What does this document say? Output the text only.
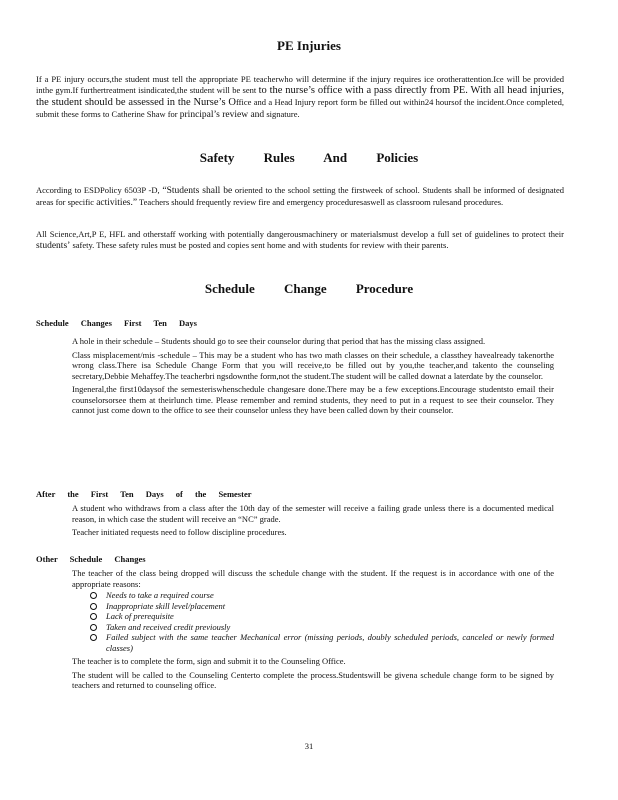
PE Injuries

If a PE injury occurs,the student must tell the appropriate PE teacherwho will determine if the injury requires ice orotherattention.Ice will be provided inthe gym.If furthertreatment isindicated,the student will be sent to the nurse’s office with a pass directly from PE. With all head injuries, the student should be assessed in the Nurse’s Office and a Head Injury report form be filled out within24 hoursof the incident.Once completed, submit these forms to Catherine Shaw for principal’s review and signature.

Safety Rules And Policies

According to ESDPolicy 6503P -D, “Students shall be oriented to the school setting the firstweek of school. Students shall be informed of designated areas for specific activities.” Teachers should frequently review fire and emergency proceduresaswell as classroom rulesand procedures.

All Science,Art,P E, HFL and otherstaff working with potentially dangerousmachinery or materialsmust develop a full set of guidelines to protect their students’ safety. These safety rules must be posted and copies sent home and with students for review with their parents.

Schedule Change Procedure
Schedule Changes First Ten Days
A hole in their schedule – Students should go to see their counselor during that period that has the missing class assigned.
Class misplacement/mis -schedule – This may be a student who has two math classes on their schedule, a classthey havealready takenorthe wrong class.There isa Schedule Change Form that you will receive,to be filled out by you,the teacher,and takento the counseling secretary,Debbie Mehaffey.The teacherbri ngsdownthe form,not the student.The student will be called downat a laterdate by the counselor.
Ingeneral,the first10daysof the semesteriswhenschedule changesare done.There may be a few exceptions.Encourage studentsto email their counselorsorsee them at theirlunch time. Please remember and remind students, they need to put in a request to see their counselor. They cannot just come down to the office to see their counselor unless they have been called down by their counselor.
After the First Ten Days of the Semester
A student who withdraws from a class after the 10th day of the semester will receive a failing grade unless there is a documented medical reason, in which case the student will receive an “NC” grade.
Teacher initiated requests need to follow discipline procedures.
Other Schedule Changes
The teacher of the class being dropped will discuss the schedule change with the student. If the request is in accordance with one of the appropriate reasons:
Needs to take a required course
Inappropriate skill level/placement
Lack of prerequisite
Taken and received credit previously
Failed subject with the same teacher Mechanical error (missing periods, doubly scheduled periods, canceled or newly formed classes)
The teacher is to complete the form, sign and submit it to the Counseling Office.
The student will be called to the Counseling Centerto complete the process.Studentswill be givena schedule change form to be signed by teachers and returned to counseling office.

31
